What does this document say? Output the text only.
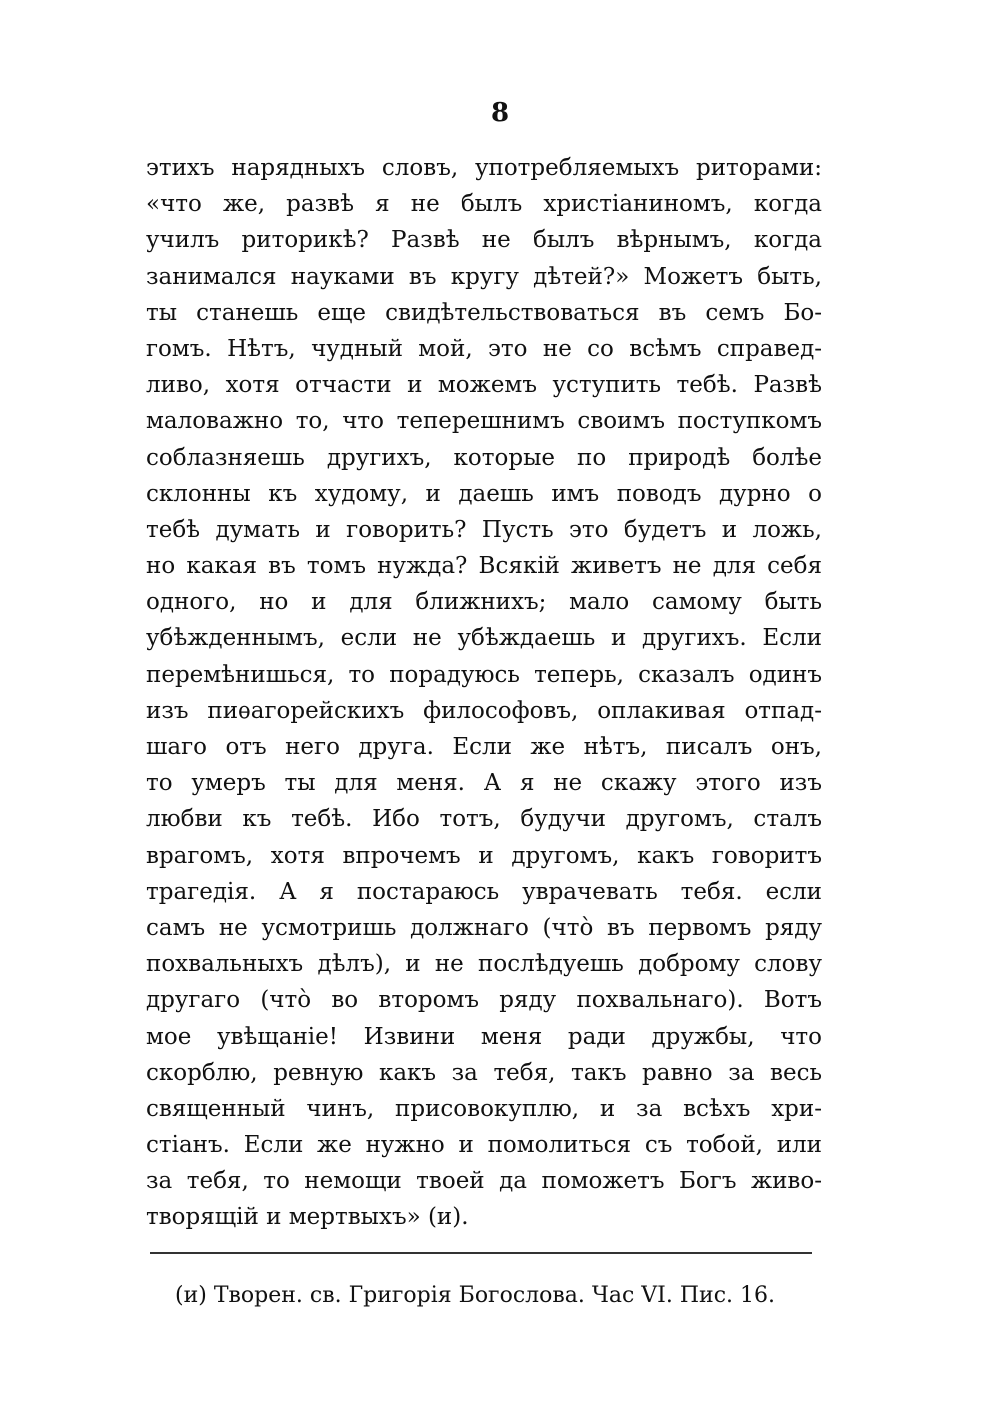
8
этихъ нарядныхъ словъ, употребляемыхъ риторами:
«что же, развѣ я не былъ христіаниномъ, когда
училъ риторикѣ? Развѣ не былъ вѣрнымъ, когда
занимался науками въ кругу дѣтей?» Можетъ быть,
ты станешь еще свидѣтельствоваться въ семъ Бо-
гомъ. Нѣтъ, чудный мой, это не со всѣмъ справед-
ливо, хотя отчасти и можемъ уступить тебѣ. Развѣ
маловажно то, что теперешнимъ своимъ поступкомъ
соблазняешь другихъ, которые по природѣ болѣе
склонны къ худому, и даешь имъ поводъ дурно о
тебѣ думать и говорить? Пусть это будетъ и ложь,
но какая въ томъ нужда? Всякій живетъ не для себя
одного, но и для ближнихъ; мало самому быть
убѣжденнымъ, если не убѣждаешь и другихъ. Если
перемѣнишься, то порадуюсь теперь, сказалъ одинъ
изъ пиѳагорейскихъ философовъ, оплакивая отпад-
шаго отъ него друга. Если же нѣтъ, писалъ онъ,
то умеръ ты для меня. А я не скажу этого изъ
любви къ тебѣ. Ибо тотъ, будучи другомъ, сталъ
врагомъ, хотя впрочемъ и другомъ, какъ говоритъ
трагедія. А я постараюсь уврачевать тебя. если
самъ не усмотришь должнаго (что̀ въ первомъ ряду
похвальныхъ дѣлъ), и не послѣдуешь доброму слову
другаго (что̀ во второмъ ряду похвальнаго). Вотъ
мое увѣщаніе! Извини меня ради дружбы, что
скорблю, ревную какъ за тебя, такъ равно за весь
священный чинъ, присовокуплю, и за всѣхъ хри-
стіанъ. Если же нужно и помолиться съ тобой, или
за тебя, то немощи твоей да поможетъ Богъ живо-
творящій и мертвыхъ» (и).
(и) Творен. св. Григорія Богослова. Час VI. Пис. 16.
